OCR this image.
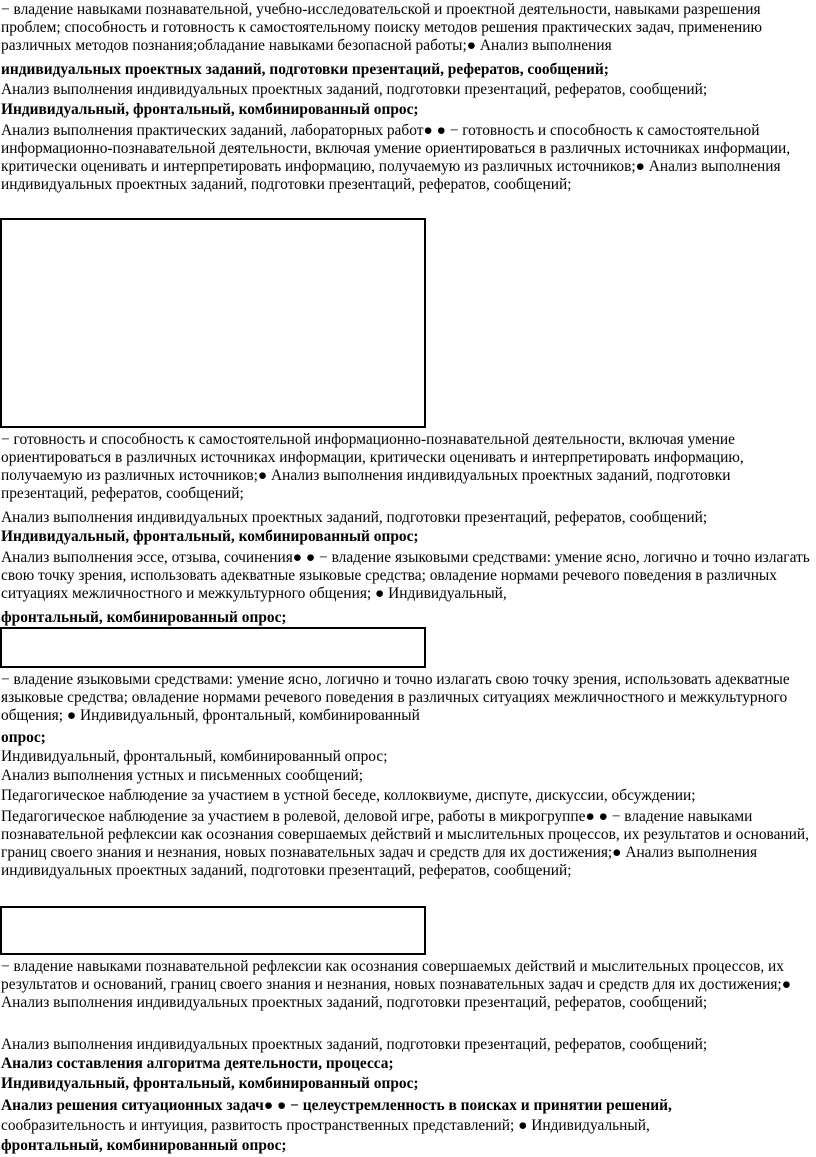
− владение навыками познавательной, учебно-исследовательской и проектной деятельности, навыками разрешения проблем; способность и готовность к самостоятельному поиску методов решения практических задач, применению различных методов познания;обладание навыками безопасной работы;● Анализ выполнения

индивидуальных проектных заданий, подготовки презентаций, рефератов, сообщений;

Анализ выполнения индивидуальных проектных заданий, подготовки презентаций, рефератов, сообщений;

Индивидуальный, фронтальный, комбинированный опрос;

Анализ выполнения практических заданий, лабораторных работ● ● − готовность и способность к самостоятельной информационно-познавательной деятельности, включая умение ориентироваться в различных источниках информации, критически оценивать и интерпретировать информацию, получаемую из различных источников;● Анализ выполнения индивидуальных проектных заданий, подготовки презентаций, рефератов, сообщений;

− готовность и способность к самостоятельной информационно-познавательной деятельности, включая умение ориентироваться в различных источниках информации, критически оценивать и интерпретировать информацию, получаемую из различных источников;● Анализ выполнения индивидуальных проектных заданий, подготовки презентаций, рефератов, сообщений;

Анализ выполнения индивидуальных проектных заданий, подготовки презентаций, рефератов, сообщений;

Индивидуальный, фронтальный, комбинированный опрос;

Анализ выполнения эссе, отзыва, сочинения● ● − владение языковыми средствами: умение ясно, логично и точно излагать свою точку зрения, использовать адекватные языковые средства; овладение нормами речевого поведения в различных ситуациях межличностного и межкультурного общения; ● Индивидуальный,

фронтальный, комбинированный опрос;

− владение языковыми средствами: умение ясно, логично и точно излагать свою точку зрения, использовать адекватные языковые средства; овладение нормами речевого поведения в различных ситуациях межличностного и межкультурного общения; ● Индивидуальный, фронтальный, комбинированный

опрос;

Индивидуальный, фронтальный, комбинированный опрос;

Анализ выполнения устных и письменных сообщений;

Педагогическое наблюдение за участием в устной беседе, коллоквиуме, диспуте, дискуссии, обсуждении;

Педагогическое наблюдение за участием в ролевой, деловой игре, работы в микрогруппе● ● − владение навыками познавательной рефлексии как осознания совершаемых действий и мыслительных процессов, их результатов и оснований, границ своего знания и незнания, новых познавательных задач и средств для их достижения;● Анализ выполнения индивидуальных проектных заданий, подготовки презентаций, рефератов, сообщений;

− владение навыками познавательной рефлексии как осознания совершаемых действий и мыслительных процессов, их результатов и оснований, границ своего знания и незнания, новых познавательных задач и средств для их достижения;● Анализ выполнения индивидуальных проектных заданий, подготовки презентаций, рефератов, сообщений;

Анализ выполнения индивидуальных проектных заданий, подготовки презентаций, рефератов, сообщений;

Анализ составления алгоритма деятельности, процесса;

Индивидуальный, фронтальный, комбинированный опрос;

Анализ решения ситуационных задач● ● − целеустремленность в поисках и принятии решений,

сообразительность и интуиция, развитость пространственных представлений; ● Индивидуальный,

фронтальный, комбинированный опрос;
